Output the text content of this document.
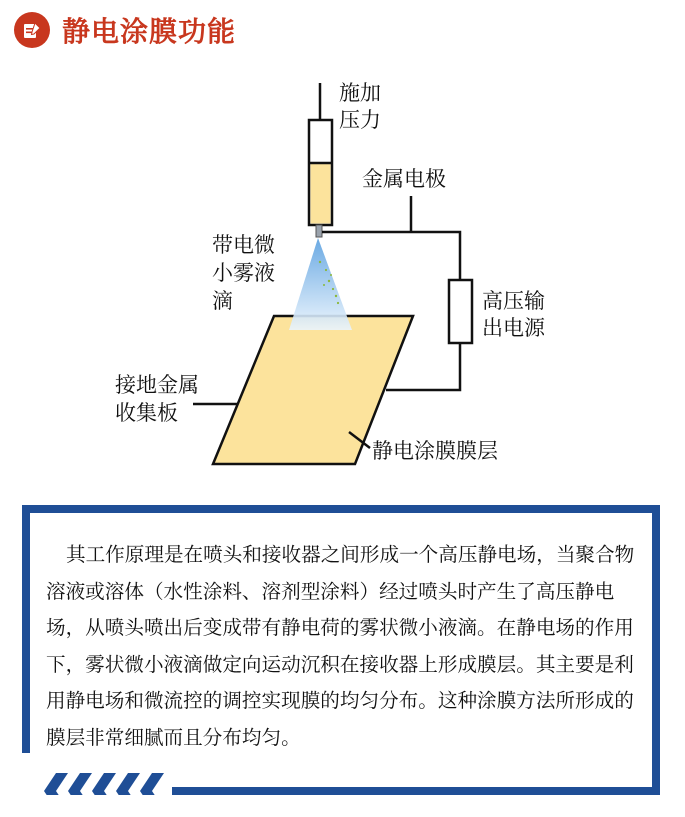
静电涂膜功能
施加
压力
金属电极
带电微
小雾液
滴	高压输
出电源
接地金属
收集板
静电涂膜膜层

其工作原理是在喷头和接收器之间形成一个高压静电场，当聚合物溶液或溶体（水性涂料、溶剂型涂料）经过喷头时产生了高压静电场，从喷头喷出后变成带有静电荷的雾状微小液滴。在静电场的作用下，雾状微小液滴做定向运动沉积在接收器上形成膜层。其主要是利用静电场和微流控的调控实现膜的均匀分布。这种涂膜方法所形成的膜层非常细腻而且分布均匀。
